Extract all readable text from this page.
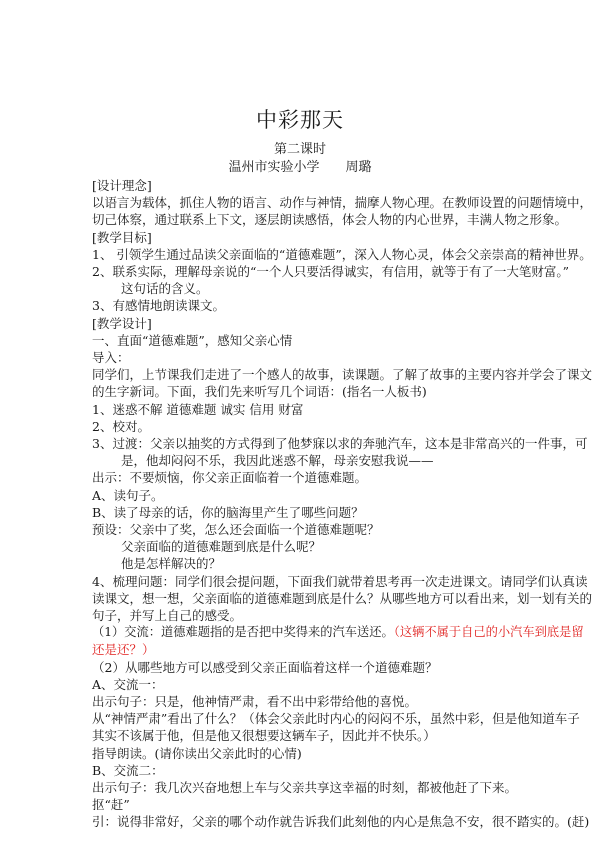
中彩那天
第二课时
温州市实验小学　　周璐
[设计理念]
以语言为载体，抓住人物的语言、动作与神情，揣摩人物心理。在教师设置的问题情境中，
切己体察，通过联系上下文，逐层朗读感悟，体会人物的内心世界，丰满人物之形象。
[教学目标]
1、 引领学生通过品读父亲面临的“道德难题”，深入人物心灵，体会父亲崇高的精神世界。
2、联系实际，理解母亲说的“一个人只要活得诚实，有信用，就等于有了一大笔财富。”
这句话的含义。
3、有感情地朗读课文。
[教学设计]
一、直面“道德难题”，感知父亲心情
导入：
同学们，上节课我们走进了一个感人的故事，读课题。了解了故事的主要内容并学会了课文
的生字新词。下面，我们先来听写几个词语：(指名一人板书)
1、迷惑不解 道德难题 诚实 信用 财富
2、校对。
3、过渡：父亲以抽奖的方式得到了他梦寐以求的奔驰汽车，这本是非常高兴的一件事，可
是，他却闷闷不乐，我因此迷惑不解，母亲安慰我说——
出示：不要烦恼，你父亲正面临着一个道德难题。
A、读句子。
B、读了母亲的话，你的脑海里产生了哪些问题？
预设：父亲中了奖，怎么还会面临一个道德难题呢？
父亲面临的道德难题到底是什么呢？
他是怎样解决的？
4、梳理问题：同学们很会提问题，下面我们就带着思考再一次走进课文。请同学们认真读
读课文，想一想，父亲面临的道德难题到底是什么？从哪些地方可以看出来，划一划有关的
句子，并写上自己的感受。
（1）交流：道德难题指的是否把中奖得来的汽车送还。（这辆不属于自己的小汽车到底是留
还是还？）
（2）从哪些地方可以感受到父亲正面临着这样一个道德难题？
A、交流一：
出示句子：只是，他神情严肃，看不出中彩带给他的喜悦。
从“神情严肃”看出了什么？（体会父亲此时内心的闷闷不乐，虽然中彩，但是他知道车子
其实不该属于他，但是他又很想要这辆车子，因此并不快乐。）
指导朗读。(请你读出父亲此时的心情)
B、交流二：
出示句子：我几次兴奋地想上车与父亲共享这幸福的时刻，都被他赶了下来。
抠“赶”
引：说得非常好，父亲的哪个动作就告诉我们此刻他的内心是焦急不安，很不踏实的。(赶)
